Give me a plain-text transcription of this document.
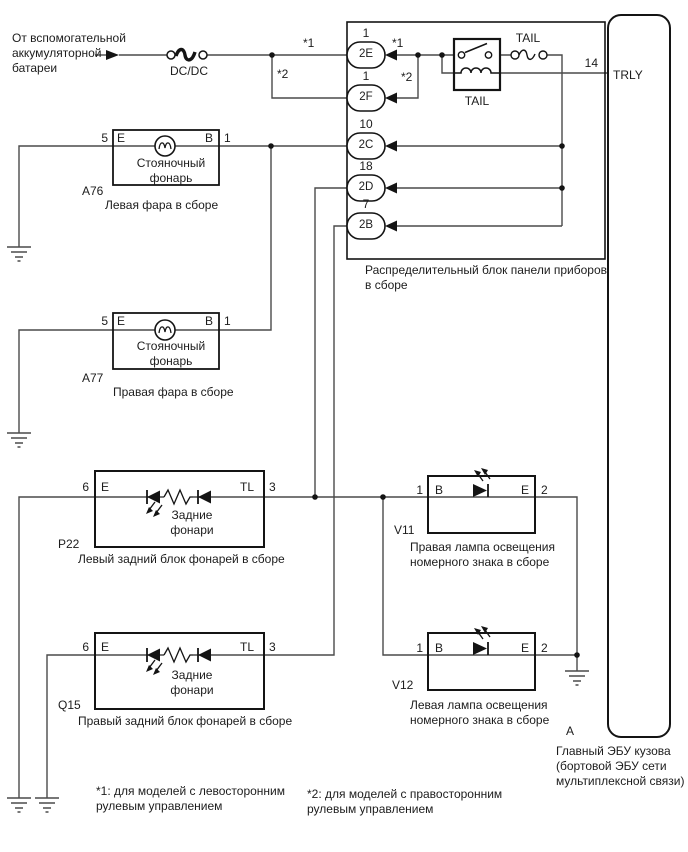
От вспомогательной
аккумуляторной
батареи	DC/DC
*1
*2
*1
*2
1
2E
1
2F
10
2C
18
2D
7
2B
TAIL
TAIL
14
TRLY
А
Главный ЭБУ кузова
(бортовой ЭБУ сети
мультиплексной связи)
Распределительный блок панели приборов
в сборе
5 E	B 1
Стояночный
фонарь
A76
Левая фара в сборе
5 E	B 1
Стояночный
фонарь
A77
Правая фара в сборе
6 E	TL 3
Задние
фонари
P22
Левый задний блок фонарей в сборе
6 E	TL 3
Задние
фонари
Q15
Правый задний блок фонарей в сборе
1 B	E 2
V11
Правая лампа освещения
номерного знака в сборе
1 B	E 2
V12
Левая лампа освещения
номерного знака в сборе
*1: для моделей с левосторонним
рулевым управлением
*2: для моделей с правосторонним
рулевым управлением
